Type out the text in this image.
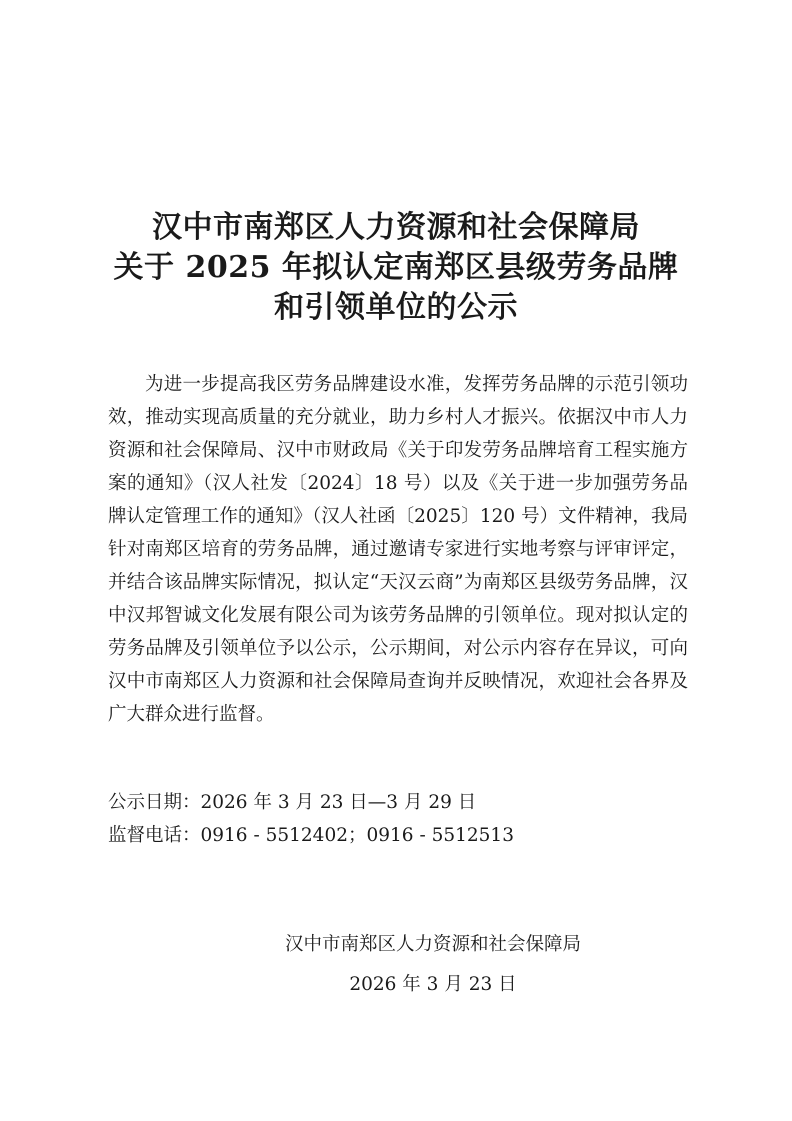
汉中市南郑区人力资源和社会保障局
关于 2025 年拟认定南郑区县级劳务品牌
和引领单位的公示

为进一步提高我区劳务品牌建设水准，发挥劳务品牌的示范引领功效，推动实现高质量的充分就业，助力乡村人才振兴。依据汉中市人力资源和社会保障局、汉中市财政局《关于印发劳务品牌培育工程实施方案的通知》（汉人社发〔2024〕18 号）以及《关于进一步加强劳务品牌认定管理工作的通知》（汉人社函〔2025〕120 号）文件精神，我局针对南郑区培育的劳务品牌，通过邀请专家进行实地考察与评审评定，并结合该品牌实际情况，拟认定“天汉云商”为南郑区县级劳务品牌，汉中汉邦智诚文化发展有限公司为该劳务品牌的引领单位。现对拟认定的劳务品牌及引领单位予以公示，公示期间，对公示内容存在异议，可向汉中市南郑区人力资源和社会保障局查询并反映情况，欢迎社会各界及广大群众进行监督。

公示日期：2026 年 3 月 23 日—3 月 29 日
监督电话：0916 - 5512402；0916 - 5512513
汉中市南郑区人力资源和社会保障局
2026 年 3 月 23 日
